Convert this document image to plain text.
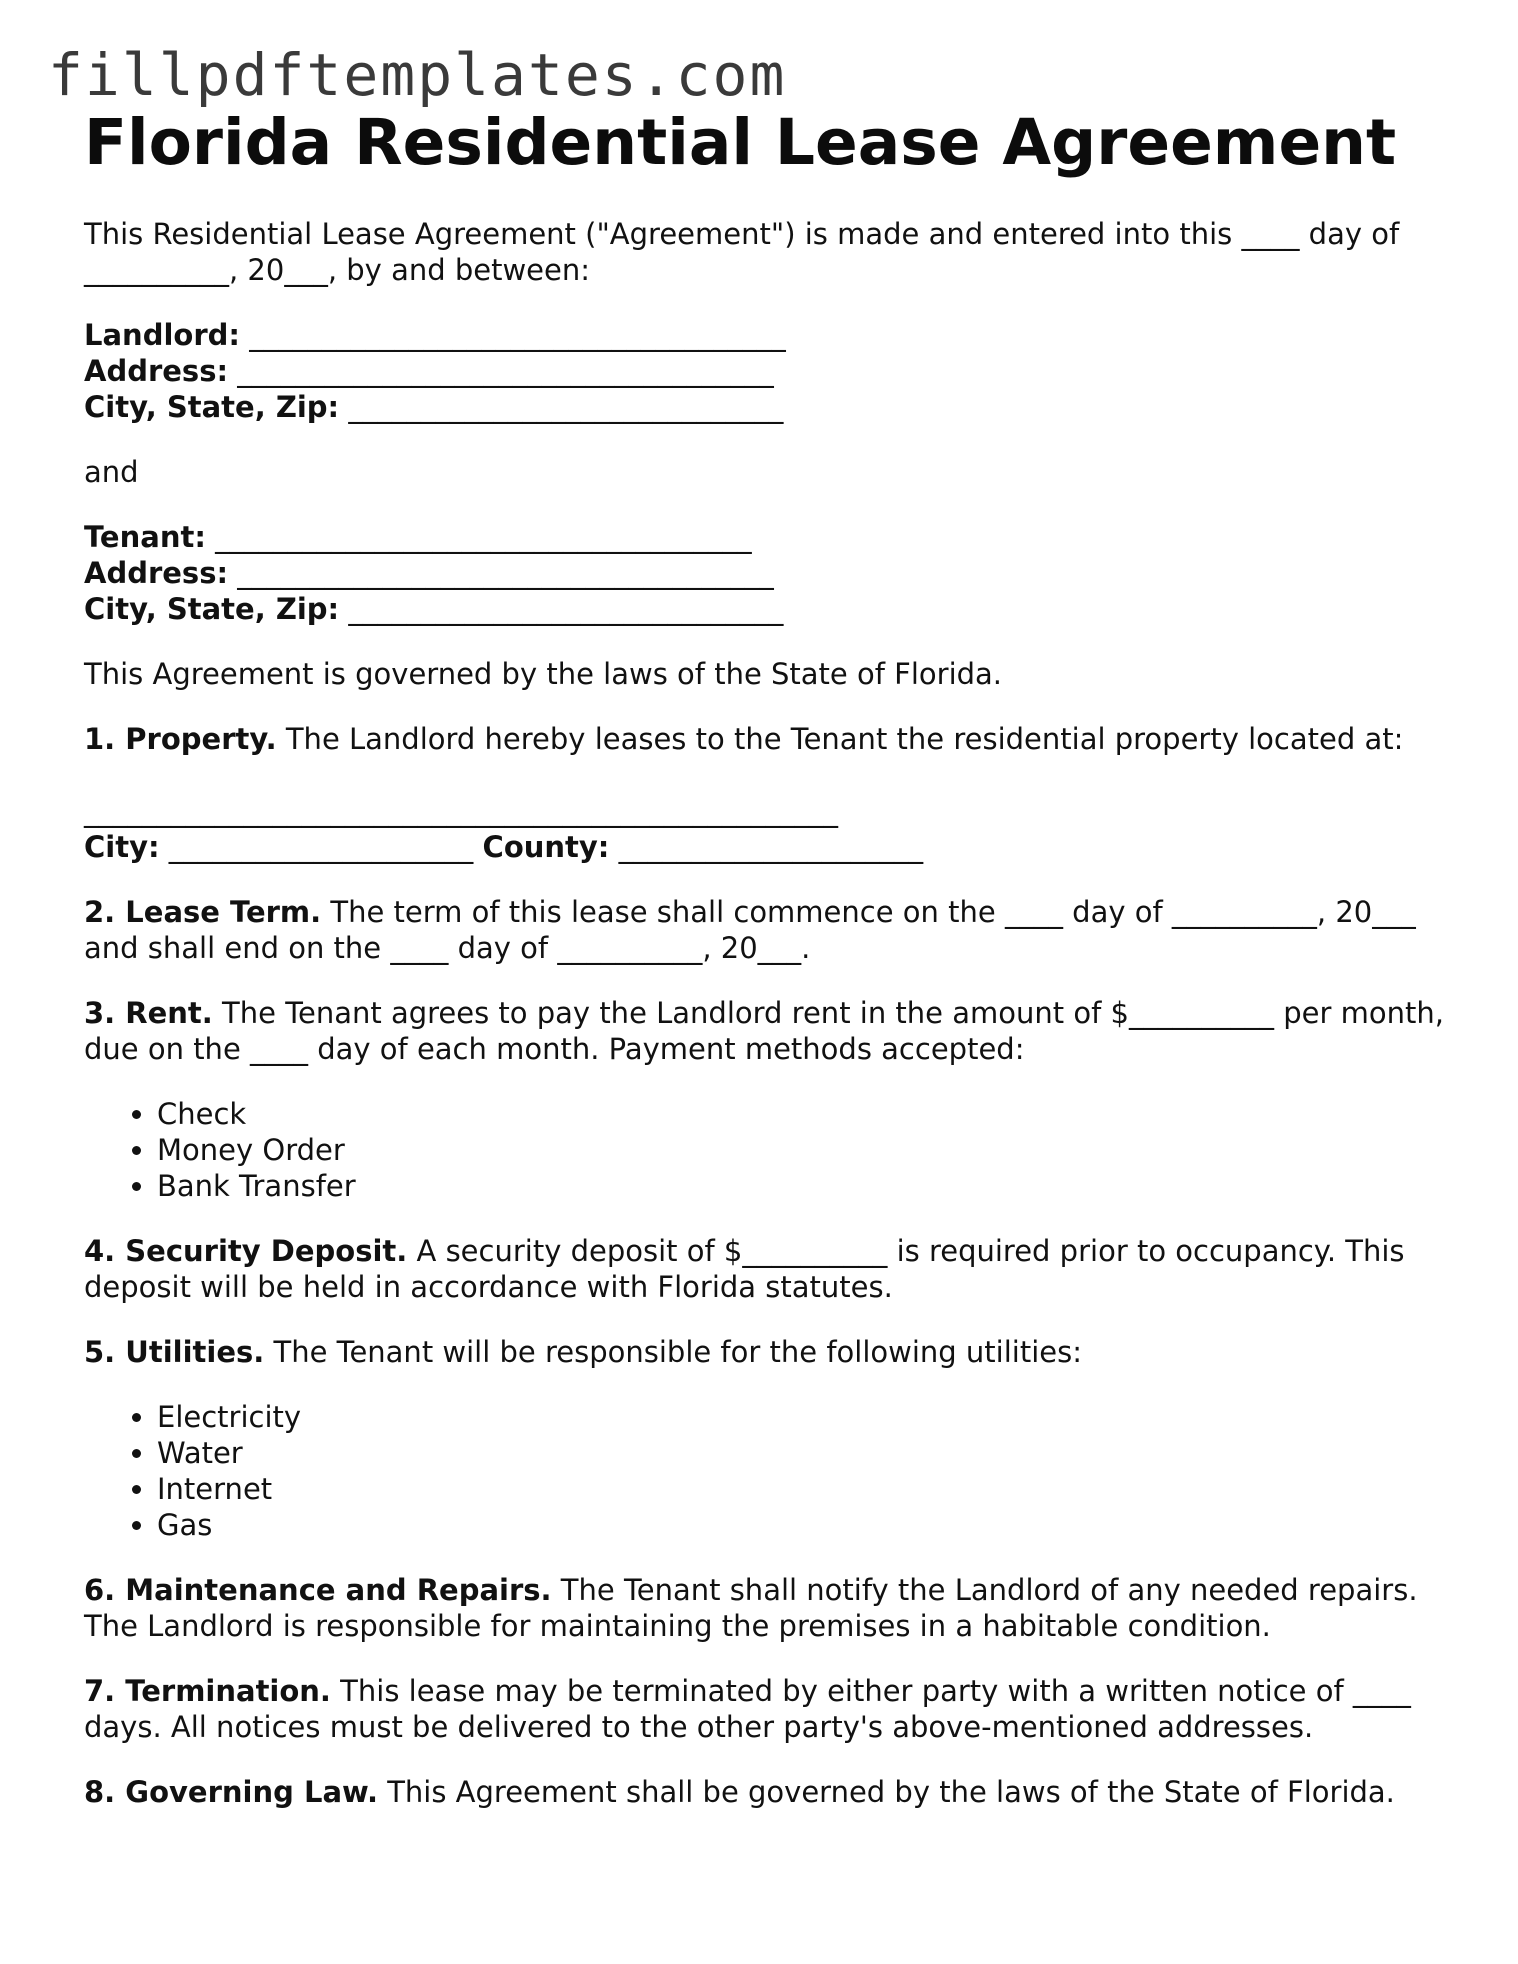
fillpdftemplates.com
Florida Residential Lease Agreement

This Residential Lease Agreement ("Agreement") is made and entered into this ____ day of __________, 20___, by and between:

Landlord: _____________________________________
Address: _____________________________________
City, State, Zip: ______________________________

and

Tenant: _____________________________________
Address: _____________________________________
City, State, Zip: ______________________________

This Agreement is governed by the laws of the State of Florida.

1. Property. The Landlord hereby leases to the Tenant the residential property located at:

____________________________________________________
City: _____________________ County: _____________________

2. Lease Term. The term of this lease shall commence on the ____ day of __________, 20___ and shall end on the ____ day of __________, 20___.

3. Rent. The Tenant agrees to pay the Landlord rent in the amount of $__________ per month, due on the ____ day of each month. Payment methods accepted:

• Check
• Money Order
• Bank Transfer

4. Security Deposit. A security deposit of $__________ is required prior to occupancy. This deposit will be held in accordance with Florida statutes.

5. Utilities. The Tenant will be responsible for the following utilities:

• Electricity
• Water
• Internet
• Gas

6. Maintenance and Repairs. The Tenant shall notify the Landlord of any needed repairs. The Landlord is responsible for maintaining the premises in a habitable condition.

7. Termination. This lease may be terminated by either party with a written notice of ____ days. All notices must be delivered to the other party's above-mentioned addresses.

8. Governing Law. This Agreement shall be governed by the laws of the State of Florida.
